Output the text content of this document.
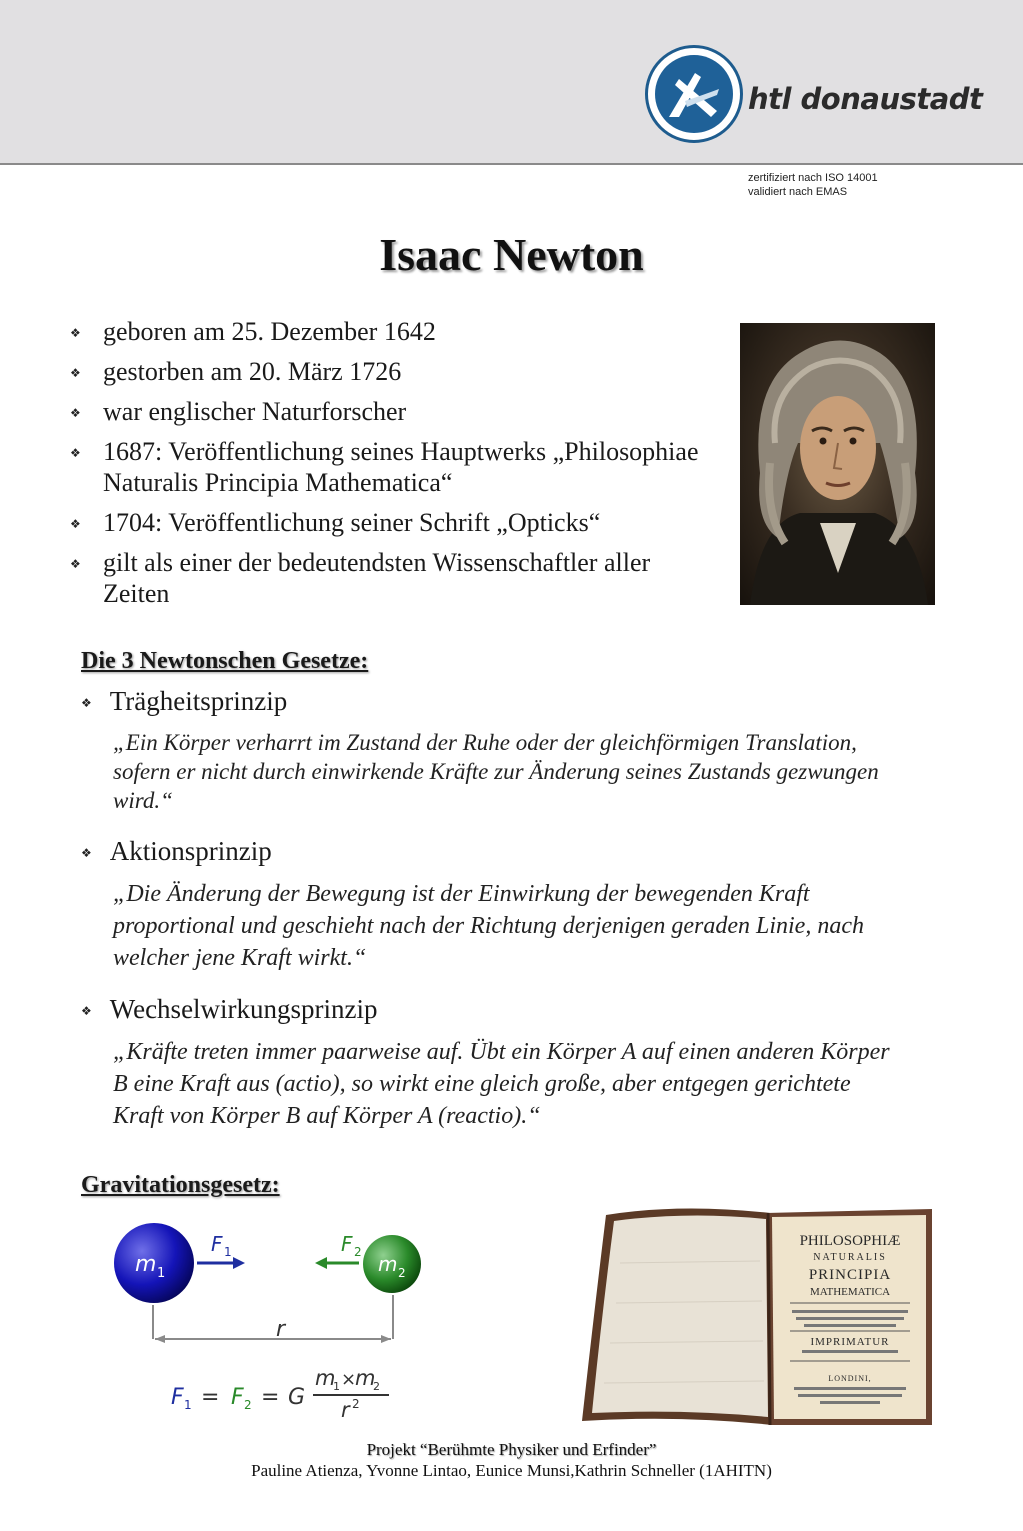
htl donaustadt
zertifiziert nach ISO 14001
validiert nach EMAS
Isaac Newton
❖ geboren am 25. Dezember 1642
❖ gestorben am 20. März 1726
❖ war englischer Naturforscher
❖ 1687: Veröffentlichung seines Hauptwerks „Philosophiae Naturalis Principia Mathematica“
❖ 1704: Veröffentlichung seiner Schrift „Opticks“
❖ gilt als einer der bedeutendsten Wissenschaftler aller Zeiten
Die 3 Newtonschen Gesetze:
❖ Trägheitsprinzip
„Ein Körper verharrt im Zustand der Ruhe oder der gleichförmigen Translation, sofern er nicht durch einwirkende Kräfte zur Änderung seines Zustands gezwungen wird.“
❖ Aktionsprinzip
„Die Änderung der Bewegung ist der Einwirkung der bewegenden Kraft proportional und geschieht nach der Richtung derjenigen geraden Linie, nach welcher jene Kraft wirkt.“
❖ Wechselwirkungsprinzip
„Kräfte treten immer paarweise auf. Übt ein Körper A auf einen anderen Körper B eine Kraft aus (actio), so wirkt eine gleich große, aber entgegen gerichtete Kraft von Körper B auf Körper A (reactio).“
Gravitationsgesetz:
m 1	m 2
F 1	F 2
r
F 1 = F 2 = G
m
1 ×
m
2
r 2
PHILOSOPHIÆ
NATURALIS
PRINCIPIA
MATHEMATICA
IMPRIMATUR
LONDINI,
Projekt “Berühmte Physiker und Erfinder”
Pauline Atienza, Yvonne Lintao, Eunice Munsi,Kathrin Schneller (1AHITN)
